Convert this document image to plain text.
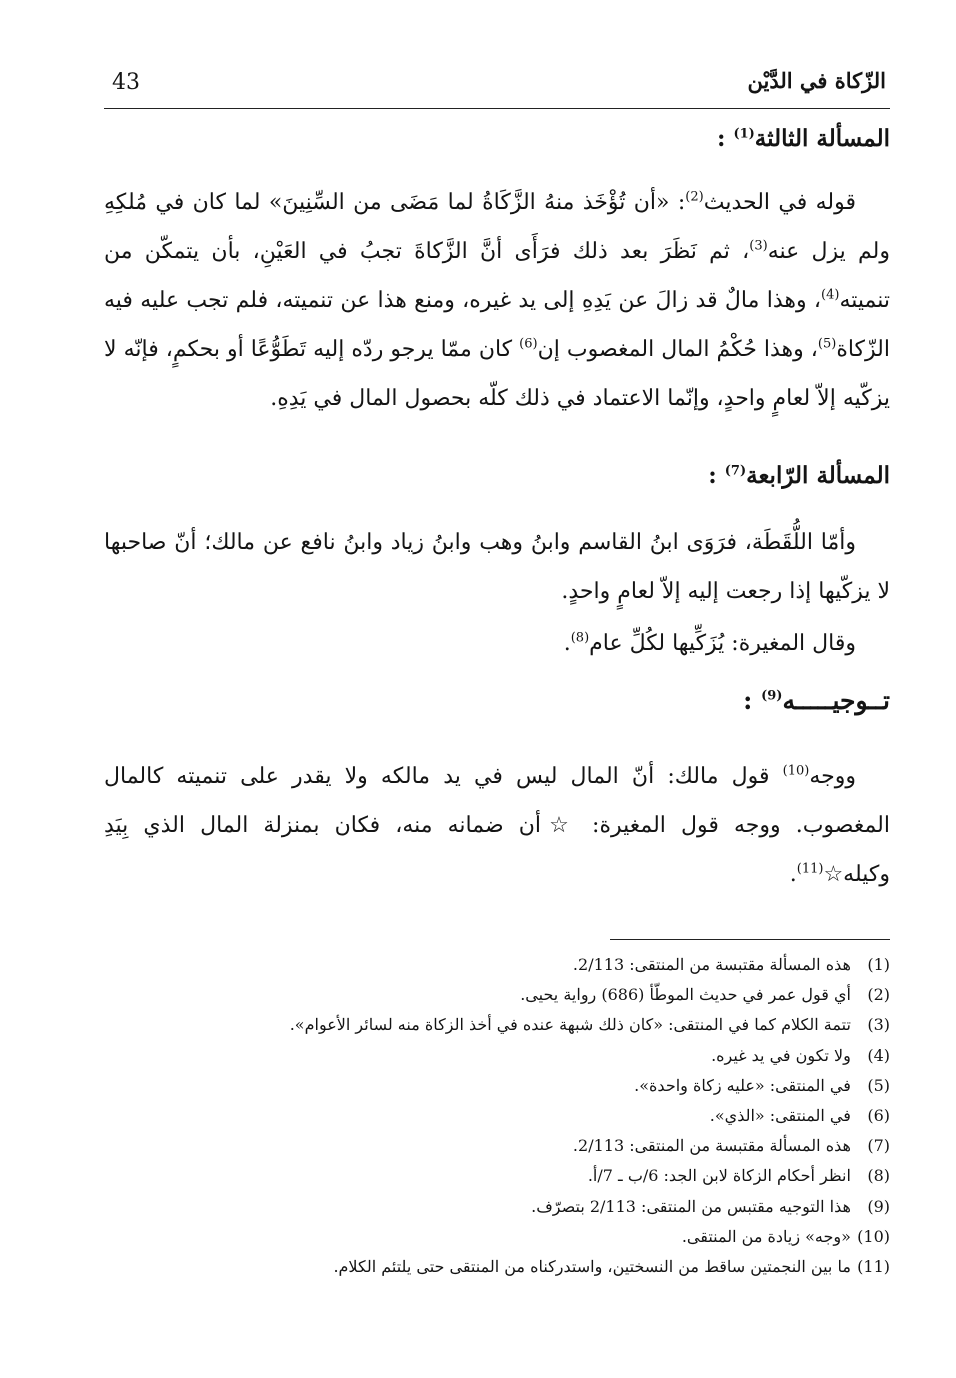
43	الزّكاة في الدَّيْن
المسألة الثالثة$^{(1)}$ :
قوله في الحديث$^{(2)}$: «أن تُؤْخَذ منهُ الزَّكَاةُ لما مَضَى من السِّنِينَ» لما كان في مُلكِهِ ولم يزل عنه$^{(3)}$، ثم نَظَرَ بعد ذلك فرَأَى أنَّ الزَّكاةَ تجبُ في العَيْنِ، بأن يتمكّن من تنميته$^{(4)}$، وهذا مالٌ قد زالَ عن يَدِهِ إلى يد غيره، ومنع هذا عن تنميته، فلم تجب عليه فيه الزّكاة$^{(5)}$، وهذا حُكْمُ المال المغصوب إن$^{(6)}$ كان ممّا يرجو ردّه إليه تَطَوُّعًا أو بحكمٍ، فإنّه لا يزكّيه إلاّ لعامٍ واحدٍ، وإنّما الاعتماد في ذلك كلّه بحصول المال في يَدِهِ.
المسألة الرّابعة$^{(7)}$ :
وأمّا اللُّقَطَة، فرَوَى ابنُ القاسم وابنُ وهب وابنُ زياد وابنُ نافع عن مالك؛ أنّ صاحبها لا يزكّيها إذا رجعت إليه إلاّ لعامٍ واحدٍ.
وقال المغيرة: يُزَكِّيها لكُلِّ عام$^{(8)}$.
تــوجيـــــه$^{(9)}$ :
ووجه$^{(10)}$ قول مالك: أنّ المال ليس في يد مالكه ولا يقدر على تنميته كالمال المغصوب. ووجه قول المغيرة: ☆أن ضمانه منه، فكان بمنزلة المال الذي بِيَدِ وكيله☆$^{(11)}$.
(1) هذه المسألة مقتبسة من المنتقى: 2/113.
(2) أي قول عمر في حديث الموطّأ (686) رواية يحيى.
(3) تتمة الكلام كما في المنتقى: «كان ذلك شبهة عنده في أخذ الزكاة منه لسائر الأعوام».
(4) ولا تكون في يد غيره.
(5) في المنتقى: «عليه زكاة واحدة».
(6) في المنتقى: «الذي».
(7) هذه المسألة مقتبسة من المنتقى: 2/113.
(8) انظر أحكام الزكاة لابن الجد: 6/ب ـ 7/أ.
(9) هذا التوجيه مقتبس من المنتقى: 2/113 بتصرّف.
(10) «وجه» زيادة من المنتقى.
(11) ما بين النجمتين ساقط من النسختين، واستدركناه من المنتقى حتى يلتئم الكلام.
